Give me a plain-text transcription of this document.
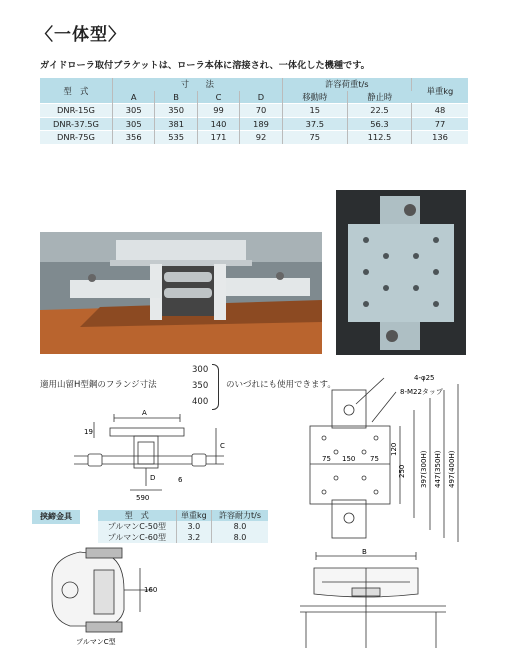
〈一体型〉
ガイドローラ取付ブラケットは、ローラ本体に溶接され、一体化した機種です。
型　式	寸　　法				許容荷重t/s		単重kg
	A	B	C	D	移動時	静止時	
DNR-15G	305	350	99	70	15	22.5	48
DNR-37.5G	305	381	140	189	37.5	56.3	77
DNR-75G	356	535	171	92	75	112.5	136
適用山留H型鋼のフランジ寸法
300
350
400
のいづれにも使用できます。
A
19
C
D	6
590
4-φ25
8-M22タップ
75 150 75
250
120
397(300H) 447(350H) 497(400H)
挟締金具	型　式	単重kg	許容耐力t/s
プルマンC-50型	3.0	8.0
プルマンC-60型	3.2	8.0
160
プルマンC型
B
